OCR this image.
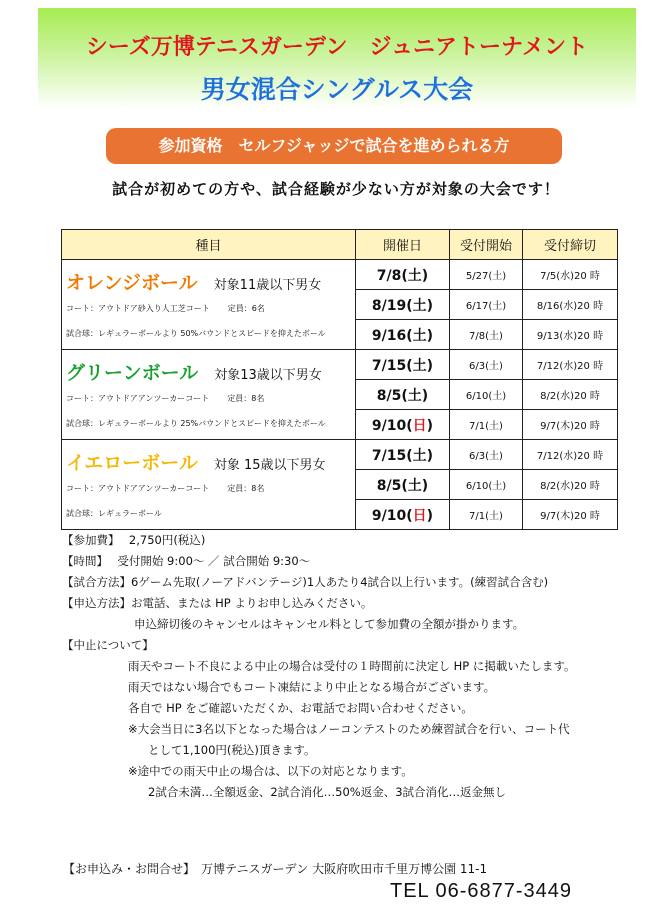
シーズ万博テニスガーデン　ジュニアトーナメント
男女混合シングルス大会
参加資格　セルフジャッジで試合を進められる方
試合が初めての方や、試合経験が少ない方が対象の大会です！
種目	開催日	受付開始	受付締切

オレンジボール 対象11歳以下男女
コート：アウトドア砂入り人工芝コート 定員：6名
試合球：レギュラーボールより 50%バウンドとスピードを抑えたボール	7/8(土)	5/27(土)	7/5(水)20 時
	8/19(土)	6/17(土)	8/16(水)20 時
	9/16(土)	7/8(土)	9/13(水)20 時

グリーンボール 対象13歳以下男女
コート：アウトドアアンツーカーコート 定員：8名
試合球：レギュラーボールより 25%バウンドとスピードを抑えたボール	7/15(土)	6/3(土)	7/12(水)20 時
	8/5(土)	6/10(土)	8/2(水)20 時
	9/10(日)	7/1(土)	9/7(木)20 時

イエローボール 対象 15歳以下男女
コート：アウトドアアンツーカーコート 定員：8名
試合球：レギュラーボール	7/15(土)	6/3(土)	7/12(水)20 時
	8/5(土)	6/10(土)	8/2(水)20 時
	9/10(日)	7/1(土)	9/7(木)20 時
【参加費】　 2,750円(税込)
【時間】　 受付開始 9:00～ ／ 試合開始 9:30～
【試合方法】6ゲーム先取(ノーアドバンテージ)1人あたり4試合以上行います。(練習試合含む)
【申込方法】お電話、または HP よりお申し込みください。
申込締切後のキャンセルはキャンセル料として参加費の全額が掛かります。
【中止について】
雨天やコート不良による中止の場合は受付の１時間前に決定し HP に掲載いたします。
雨天ではない場合でもコート凍結により中止となる場合がございます。
各自で HP をご確認いただくか、お電話でお問い合わせください。
※大会当日に3名以下となった場合はノーコンテストのため練習試合を行い、コート代
として1,100円(税込)頂きます。
※途中での雨天中止の場合は、以下の対応となります。
2試合未満…全額返金、2試合消化…50%返金、3試合消化…返金無し
【お申込み・お問合せ】　万博テニスガーデン 大阪府吹田市千里万博公園 11-1
TEL 06-6877-3449
